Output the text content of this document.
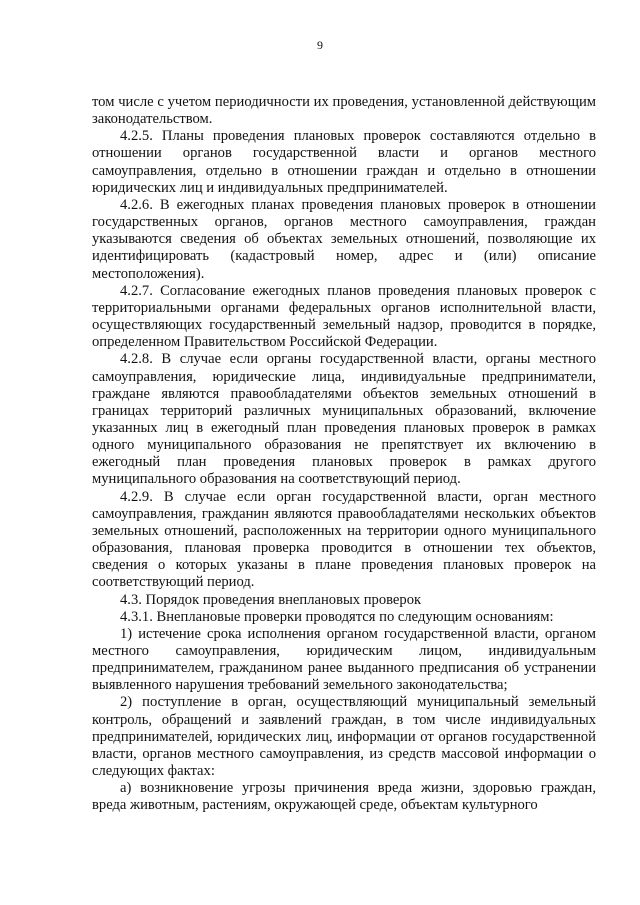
9

том числе с учетом периодичности их проведения, установленной действующим законодательством.

4.2.5. Планы проведения плановых проверок составляются отдельно в отношении органов государственной власти и органов местного самоуправления, отдельно в отношении граждан и отдельно в отношении юридических лиц и индивидуальных предпринимателей.

4.2.6. В ежегодных планах проведения плановых проверок в отношении государственных органов, органов местного самоуправления, граждан указываются сведения об объектах земельных отношений, позволяющие их идентифицировать (кадастровый номер, адрес и (или) описание местоположения).

4.2.7. Согласование ежегодных планов проведения плановых проверок с территориальными органами федеральных органов исполнительной власти, осуществляющих государственный земельный надзор, проводится в порядке, определенном Правительством Российской Федерации.

4.2.8. В случае если органы государственной власти, органы местного самоуправления, юридические лица, индивидуальные предприниматели, граждане являются правообладателями объектов земельных отношений в границах территорий различных муниципальных образований, включение указанных лиц в ежегодный план проведения плановых проверок в рамках одного муниципального образования не препятствует их включению в ежегодный план проведения плановых проверок в рамках другого муниципального образования на соответствующий период.

4.2.9. В случае если орган государственной власти, орган местного самоуправления, гражданин являются правообладателями нескольких объектов земельных отношений, расположенных на территории одного муниципального образования, плановая проверка проводится в отношении тех объектов, сведения о которых указаны в плане проведения плановых проверок на соответствующий период.

4.3. Порядок проведения внеплановых проверок

4.3.1. Внеплановые проверки проводятся по следующим основаниям:

1) истечение срока исполнения органом государственной власти, органом местного самоуправления, юридическим лицом, индивидуальным предпринимателем, гражданином ранее выданного предписания об устранении выявленного нарушения требований земельного законодательства;

2) поступление в орган, осуществляющий муниципальный земельный контроль, обращений и заявлений граждан, в том числе индивидуальных предпринимателей, юридических лиц, информации от органов государственной власти, органов местного самоуправления, из средств массовой информации о следующих фактах:

а) возникновение угрозы причинения вреда жизни, здоровью граждан, вреда животным, растениям, окружающей среде, объектам культурного
